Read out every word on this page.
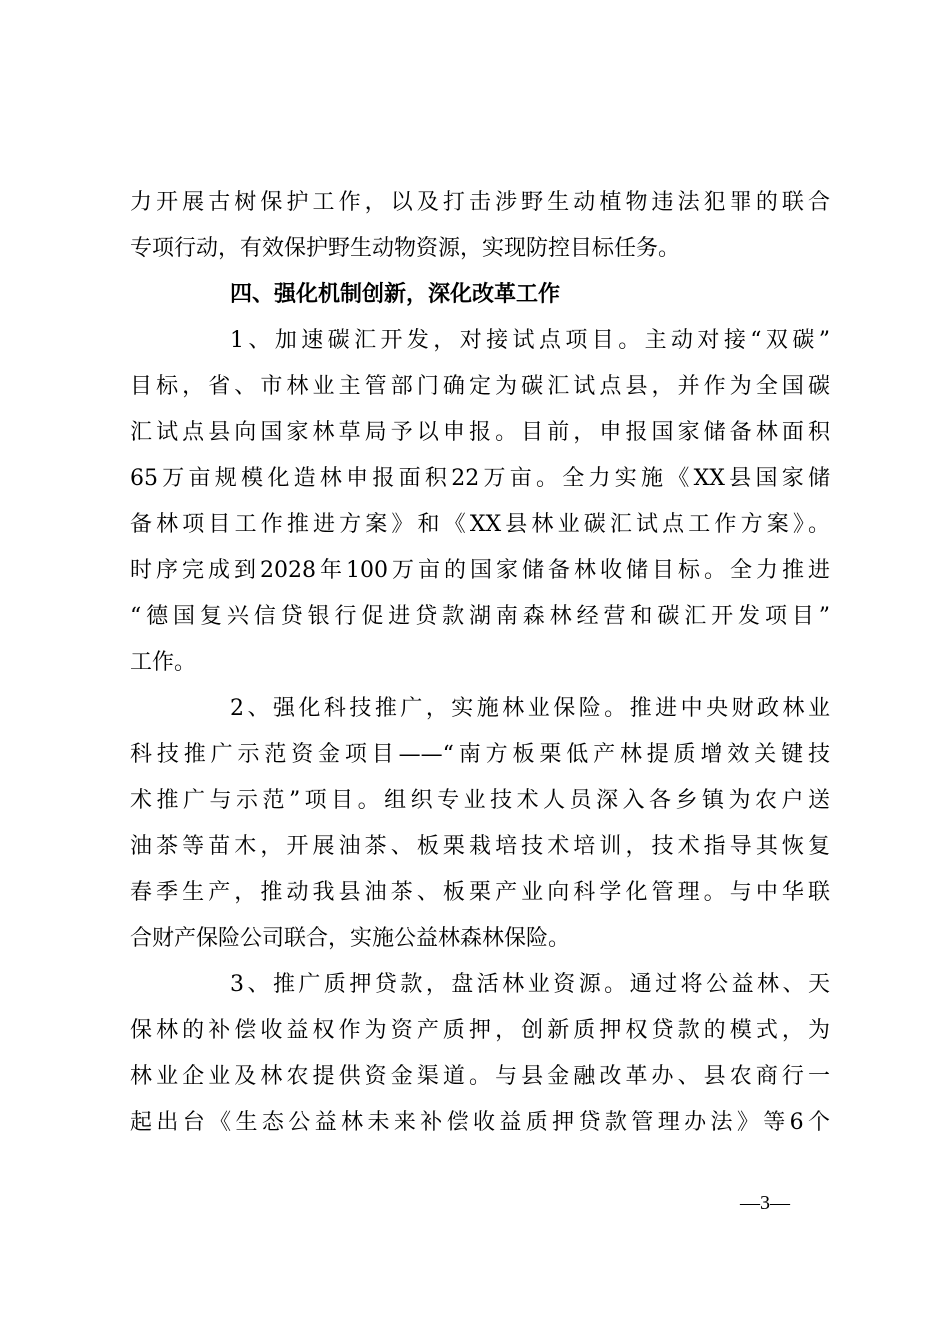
力开展古树保护工作，以及打击涉野生动植物违法犯罪的联合
专项行动，有效保护野生动物资源，实现防控目标任务。
四、强化机制创新，深化改革工作
1、加速碳汇开发，对接试点项目。主动对接“双碳”
目标，省、市林业主管部门确定为碳汇试点县，并作为全国碳
汇试点县向国家林草局予以申报。目前，申报国家储备林面积
65万亩规模化造林申报面积22万亩。全力实施《XX县国家储
备林项目工作推进方案》和《XX县林业碳汇试点工作方案》。
时序完成到2028年100万亩的国家储备林收储目标。全力推进
“德国复兴信贷银行促进贷款湖南森林经营和碳汇开发项目”
工作。
2、强化科技推广，实施林业保险。推进中央财政林业
科技推广示范资金项目——“南方板栗低产林提质增效关键技
术推广与示范”项目。组织专业技术人员深入各乡镇为农户送
油茶等苗木，开展油茶、板栗栽培技术培训，技术指导其恢复
春季生产，推动我县油茶、板栗产业向科学化管理。与中华联
合财产保险公司联合，实施公益林森林保险。
3、推广质押贷款，盘活林业资源。通过将公益林、天
保林的补偿收益权作为资产质押，创新质押权贷款的模式，为
林业企业及林农提供资金渠道。与县金融改革办、县农商行一
起出台《生态公益林未来补偿收益质押贷款管理办法》等6个
—3—
